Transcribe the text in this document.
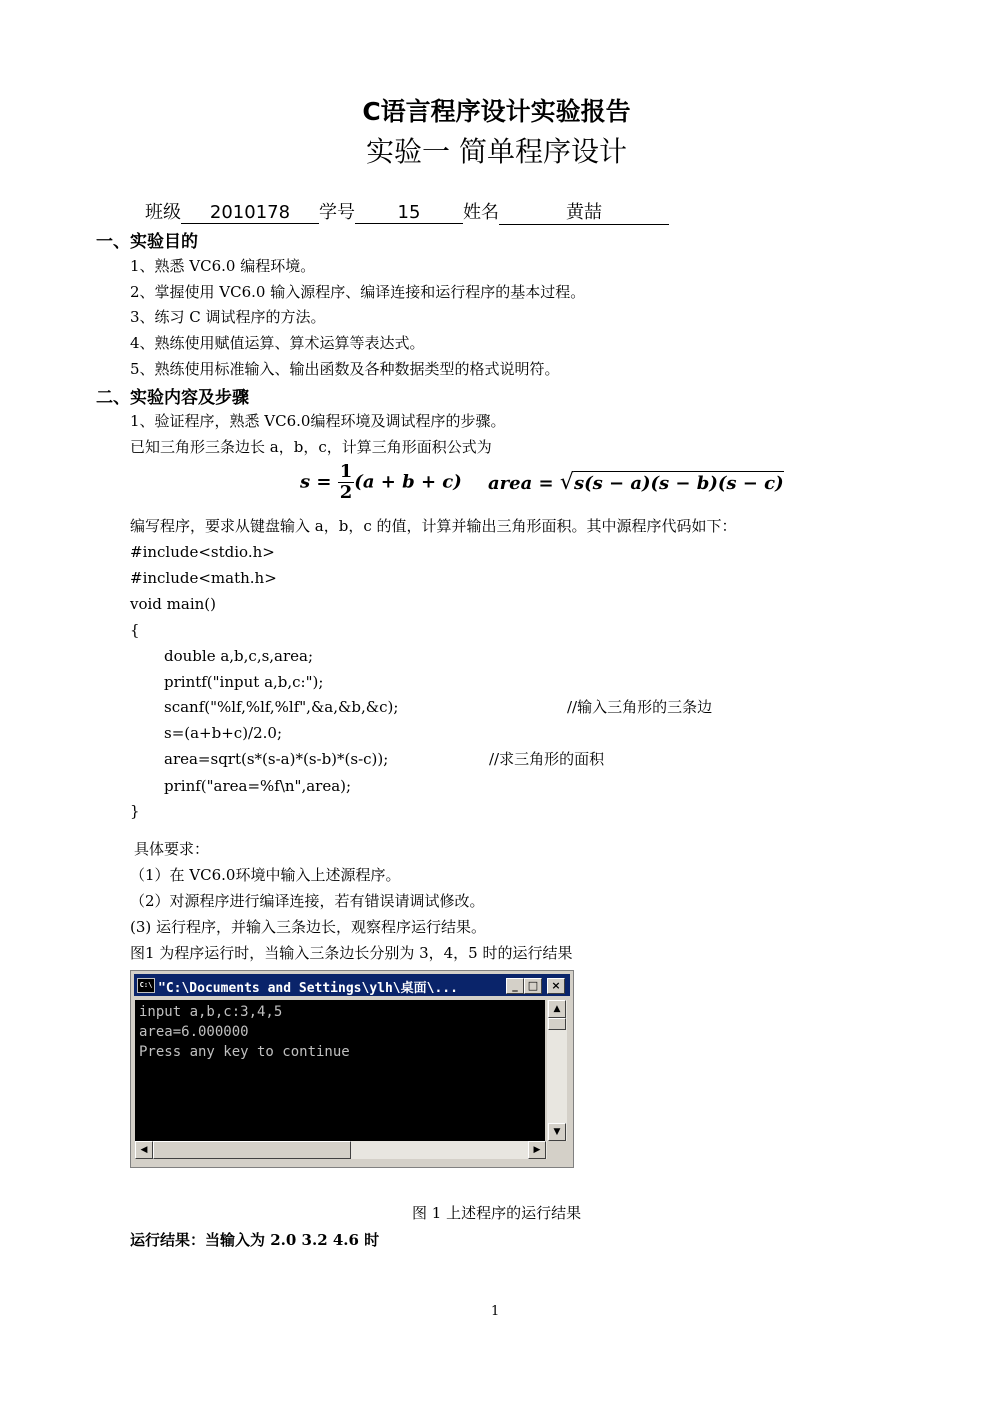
C语言程序设计实验报告
实验一 简单程序设计
班级 2010178 学号 15 姓名	黄喆
一、实验目的
1、熟悉 VC6.0 编程环境。
2、掌握使用 VC6.0 输入源程序、编译连接和运行程序的基本过程。
3、练习 C 调试程序的方法。
4、熟练使用赋值运算、算术运算等表达式。
5、熟练使用标准输入、输出函数及各种数据类型的格式说明符。
二、实验内容及步骤
1、验证程序，熟悉 VC6.0编程环境及调试程序的步骤。
已知三角形三条边长 a，b，c，计算三角形面积公式为
$s = \frac{1}{2} (a + b + c)$ area = √s(s − a)(s − b)(s − c)
编写程序，要求从键盘输入 a，b，c 的值，计算并输出三角形面积。其中源程序代码如下：
#include<stdio.h>
#include<math.h>
void main()
{
double a,b,c,s,area;
printf("input a,b,c:");
scanf("%lf,%lf,%lf",&a,&b,&c);	//输入三角形的三条边
s=(a+b+c)/2.0;
area=sqrt(s*(s-a)*(s-b)*(s-c));	//求三角形的面积
prinf("area=%f\n",area);
}
具体要求：
（1）在 VC6.0环境中输入上述源程序。
（2）对源程序进行编译连接，若有错误请调试修改。
(3) 运行程序，并输入三条边长，观察程序运行结果。
图1 为程序运行时，当输入三条边长分别为 3，4，5 时的运行结果
C:\ "C:\Documents and Settings\ylh\桌面\...	_ □	×
input a,b,c:3,4,5
area=6.000000
Press any key to continue
▲
▼
◀	▶
图 1 上述程序的运行结果
运行结果：当输入为 2.0 3.2 4.6 时
1
